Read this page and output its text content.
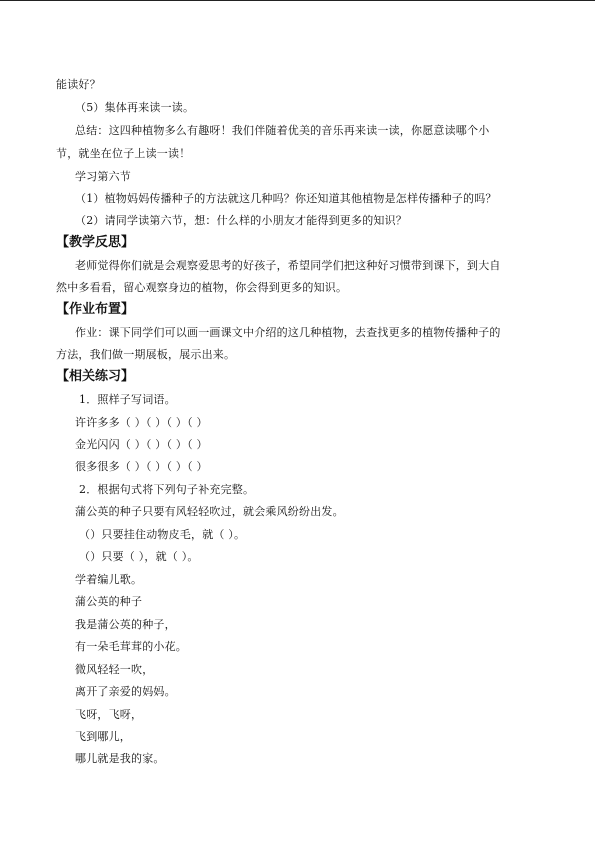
能读好？
（5）集体再来读一读。
总结：这四种植物多么有趣呀！我们伴随着优美的音乐再来读一读，你愿意读哪个小
节，就坐在位子上读一读！
学习第六节
（1）植物妈妈传播种子的方法就这几种吗？你还知道其他植物是怎样传播种子的吗？
（2）请同学读第六节，想：什么样的小朋友才能得到更多的知识？
【教学反思】
老师觉得你们就是会观察爱思考的好孩子，希望同学们把这种好习惯带到课下，到大自
然中多看看，留心观察身边的植物，你会得到更多的知识。
【作业布置】
作业：课下同学们可以画一画课文中介绍的这几种植物，去查找更多的植物传播种子的
方法，我们做一期展板，展示出来。
【相关练习】
1．照样子写词语。
许许多多（ ）（ ）（ ）（ ）
金光闪闪（ ）（ ）（ ）（ ）
很多很多（ ）（ ）（ ）（ ）
2．根据句式将下列句子补充完整。
蒲公英的种子只要有风轻轻吹过，就会乘风纷纷出发。
（）只要挂住动物皮毛，就（ ）。
（）只要（ ），就（ ）。
学着编儿歌。
蒲公英的种子
我是蒲公英的种子，
有一朵毛茸茸的小花。
微风轻轻一吹，
离开了亲爱的妈妈。
飞呀，飞呀，
飞到哪儿，
哪儿就是我的家。
